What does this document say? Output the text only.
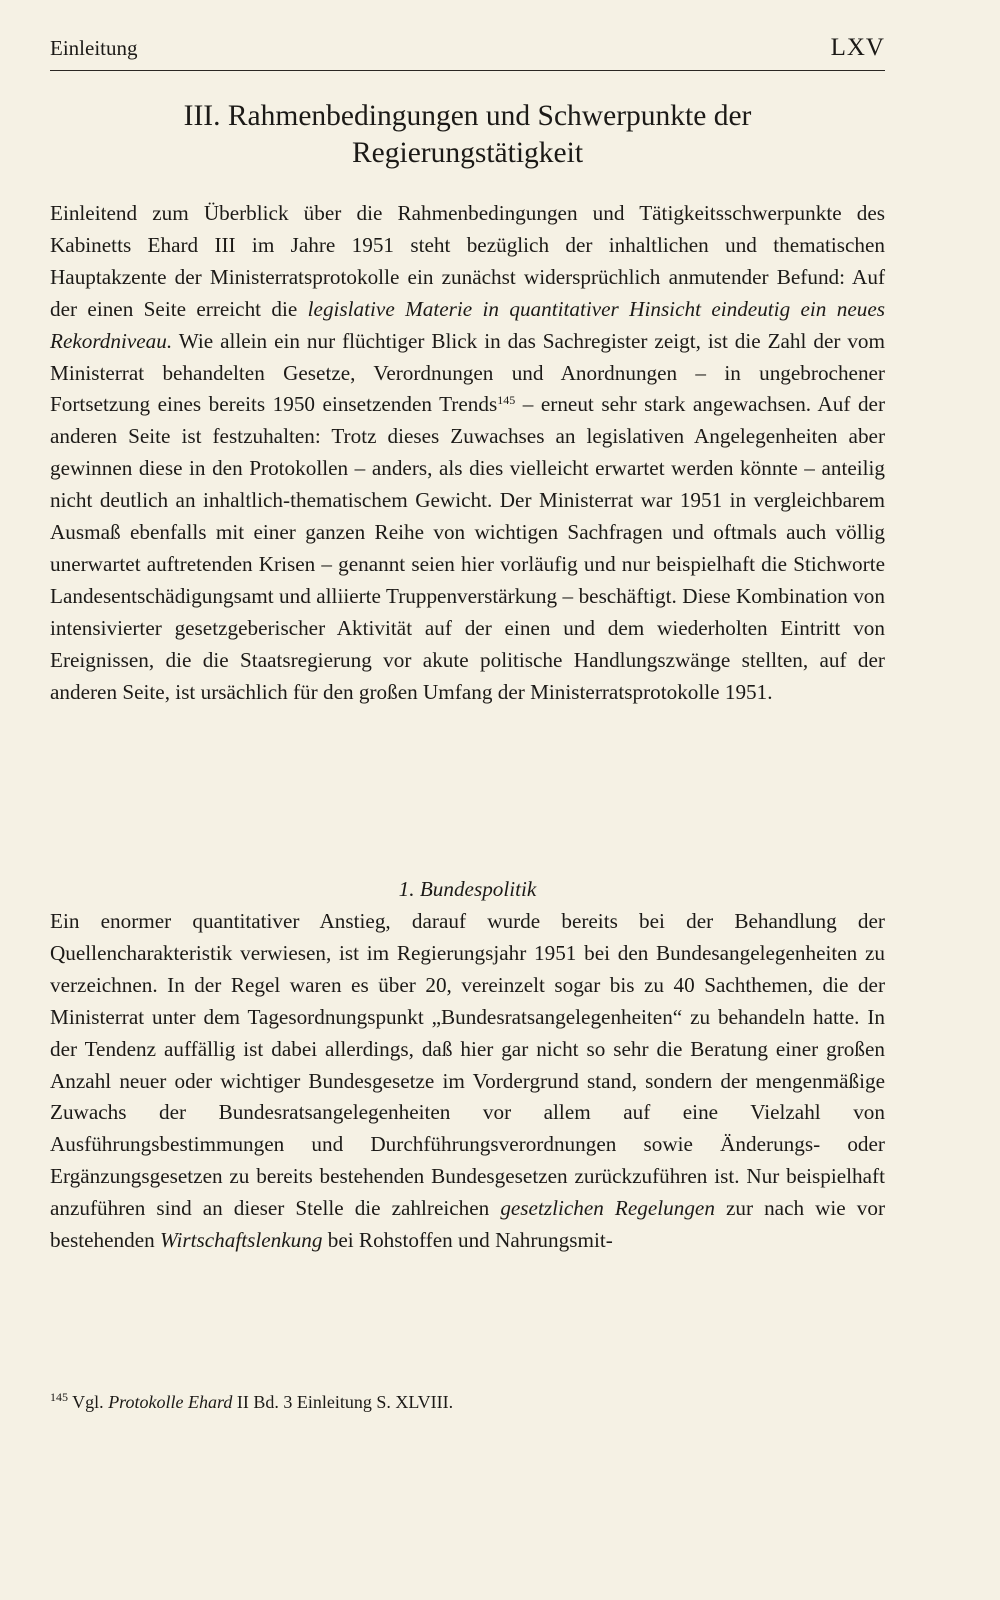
Einleitung	LXV
III. Rahmenbedingungen und Schwerpunkte der
Regierungstätigkeit

Einleitend zum Überblick über die Rahmenbedingungen und Tätigkeitsschwerpunkte des Kabinetts Ehard III im Jahre 1951 steht bezüglich der inhaltlichen und thematischen Hauptakzente der Ministerratsprotokolle ein zunächst widersprüchlich anmutender Befund: Auf der einen Seite erreicht die legislative Materie in quantitativer Hinsicht eindeutig ein neues Rekordniveau. Wie allein ein nur flüchtiger Blick in das Sachregister zeigt, ist die Zahl der vom Ministerrat behandelten Gesetze, Verordnungen und Anordnungen – in ungebrochener Fortsetzung eines bereits 1950 einsetzenden Trends$^{145}$ – erneut sehr stark angewachsen. Auf der anderen Seite ist festzuhalten: Trotz dieses Zuwachses an legislativen Angelegenheiten aber gewinnen diese in den Protokollen – anders, als dies vielleicht erwartet werden könnte – anteilig nicht deutlich an inhaltlich-thematischem Gewicht. Der Ministerrat war 1951 in vergleichbarem Ausmaß ebenfalls mit einer ganzen Reihe von wichtigen Sachfragen und oftmals auch völlig unerwartet auftretenden Krisen – genannt seien hier vorläufig und nur beispielhaft die Stichworte Landesentschädigungsamt und alliierte Truppenverstärkung – beschäftigt. Diese Kombination von intensivierter gesetzgeberischer Aktivität auf der einen und dem wiederholten Eintritt von Ereignissen, die die Staatsregierung vor akute politische Handlungszwänge stellten, auf der anderen Seite, ist ursächlich für den großen Umfang der Ministerratsprotokolle 1951.

1. Bundespolitik

Ein enormer quantitativer Anstieg, darauf wurde bereits bei der Behandlung der Quellencharakteristik verwiesen, ist im Regierungsjahr 1951 bei den Bundesangelegenheiten zu verzeichnen. In der Regel waren es über 20, vereinzelt sogar bis zu 40 Sachthemen, die der Ministerrat unter dem Tagesordnungspunkt „Bundesratsangelegenheiten“ zu behandeln hatte. In der Tendenz auffällig ist dabei allerdings, daß hier gar nicht so sehr die Beratung einer großen Anzahl neuer oder wichtiger Bundesgesetze im Vordergrund stand, sondern der mengenmäßige Zuwachs der Bundesratsangelegenheiten vor allem auf eine Vielzahl von Ausführungsbestimmungen und Durchführungsverordnungen sowie Änderungs- oder Ergänzungsgesetzen zu bereits bestehenden Bundesgesetzen zurückzuführen ist. Nur beispielhaft anzuführen sind an dieser Stelle die zahlreichen gesetzlichen Regelungen zur nach wie vor bestehenden Wirtschaftslenkung bei Rohstoffen und Nahrungsmit-

$^{145}$ Vgl. Protokolle Ehard II Bd. 3 Einleitung S. XLVIII.
